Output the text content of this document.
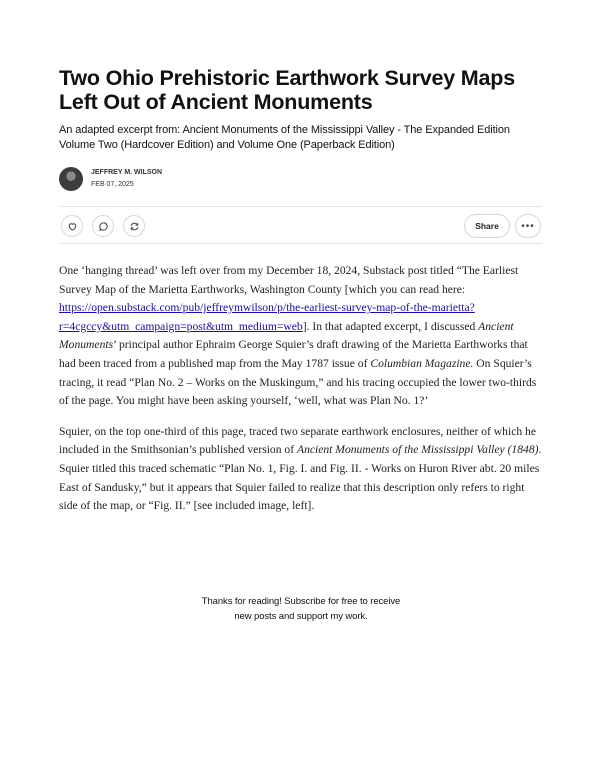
Two Ohio Prehistoric Earthwork Survey Maps Left Out of Ancient Monuments

An adapted excerpt from: Ancient Monuments of the Mississippi Valley - The Expanded Edition Volume Two (Hardcover Edition) and Volume One (Paperback Edition)

JEFFREY M. WILSON
FEB 07, 2025
Share	•••

One ‘hanging thread’ was left over from my December 18, 2024, Substack post titled “The Earliest Survey Map of the Marietta Earthworks, Washington County [which you can read here: https://open.substack.com/pub/jeffreymwilson/p/the-earliest-survey-map-of-the-marietta?r=4cgccy&utm_campaign=post&utm_medium=web]. In that adapted excerpt, I discussed Ancient Monuments’ principal author Ephraim George Squier’s draft drawing of the Marietta Earthworks that had been traced from a published map from the May 1787 issue of Columbian Magazine. On Squier’s tracing, it read “Plan No. 2 – Works on the Muskingum,” and his tracing occupied the lower two-thirds of the page. You might have been asking yourself, ‘well, what was Plan No. 1?’

Squier, on the top one-third of this page, traced two separate earthwork enclosures, neither of which he included in the Smithsonian’s published version of Ancient Monuments of the Mississippi Valley (1848). Squier titled this traced schematic “Plan No. 1, Fig. I. and Fig. II. - Works on Huron River abt. 20 miles East of Sandusky,” but it appears that Squier failed to realize that this description only refers to right side of the map, or “Fig. II.” [see included image, left].

Thanks for reading! Subscribe for free to receive
new posts and support my work.
